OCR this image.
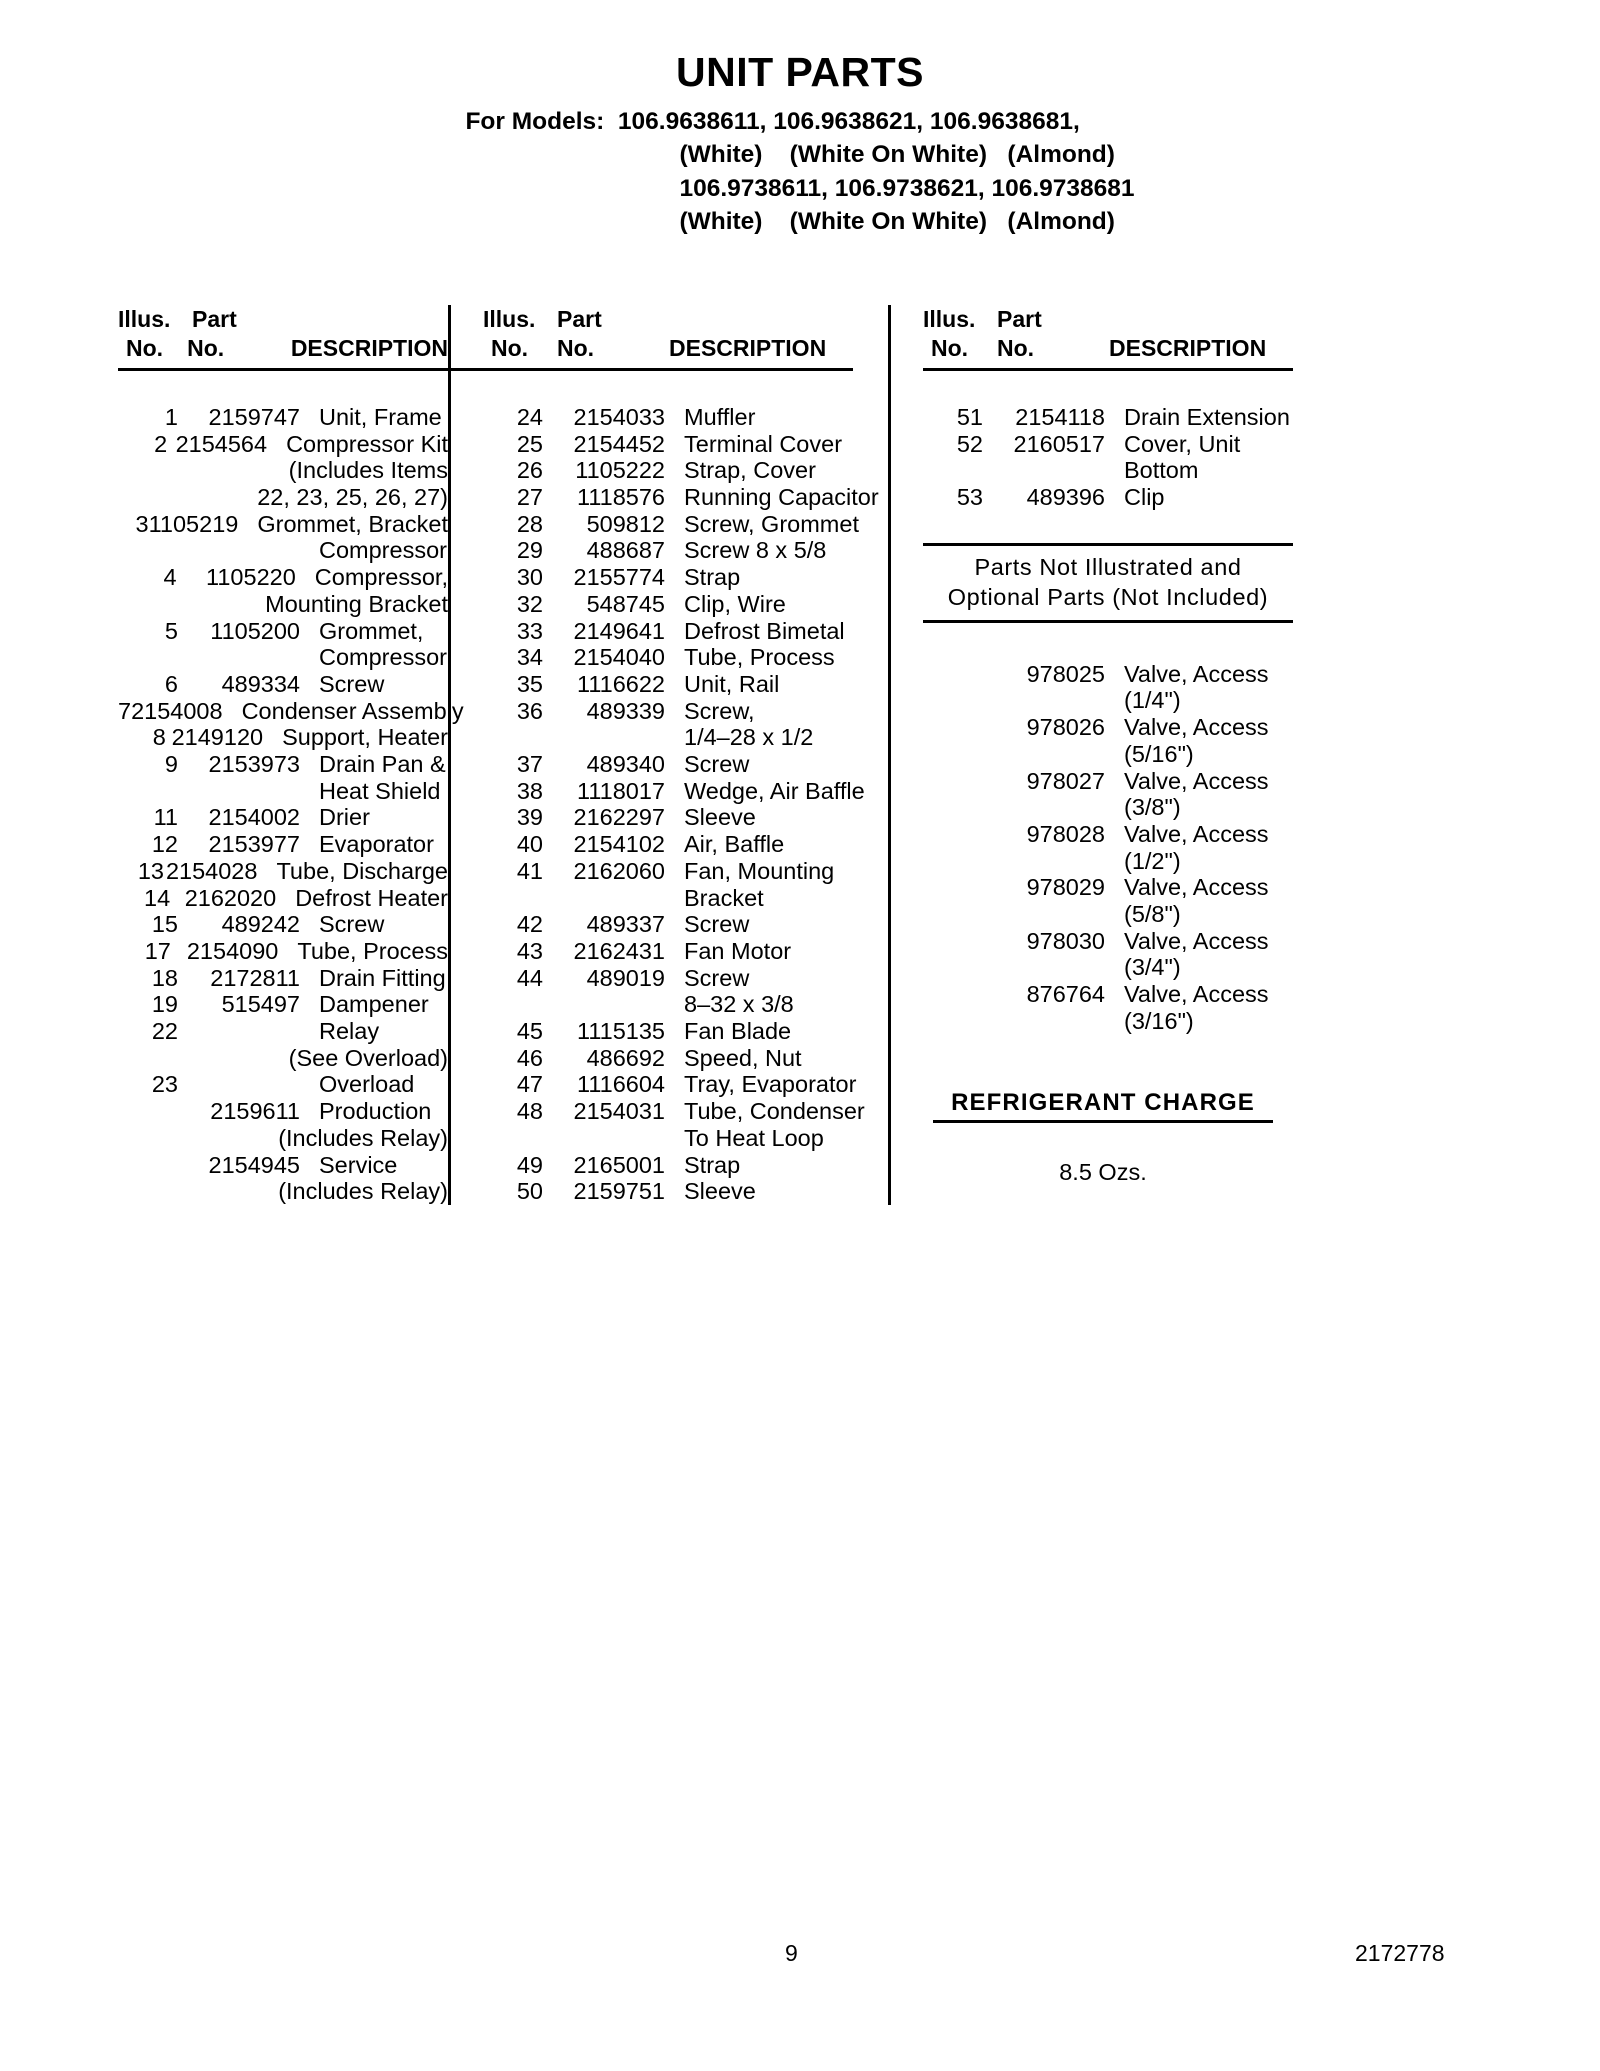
UNIT PARTS
For Models:  106.9638611, 106.9638621, 106.9638681,
(White)    (White On White)   (Almond)
106.9738611, 106.9738621, 106.9738681
(White)    (White On White)   (Almond)
Illus. Part

No.	No.	DESCRIPTION
1	2159747 Unit, Frame
2 2154564 Compressor Kit

(Includes Items

22, 23, 25, 26, 27)
3 1105219 Grommet, Bracket

Compressor
4	1105220 Compressor,

Mounting Bracket
5	1105200 Grommet,

Compressor
6	489334 Screw
7 2154008 Condenser Assembly
8 2149120 Support, Heater
9	2153973 Drain Pan &

Heat Shield
11	2154002 Drier
12	2153977 Evaporator
13 2154028 Tube, Discharge
14 2162020 Defrost Heater
15	489242 Screw
17 2154090 Tube, Process
18	2172811 Drain Fitting
19	515497 Dampener
22
	Relay

(See Overload)
23
	Overload

2159611 Production

(Includes Relay)

2154945 Service

(Includes Relay)
Illus. Part

No.	No.	DESCRIPTION
24	2154033 Muffler
25	2154452 Terminal Cover
26	1105222 Strap, Cover
27	1118576 Running Capacitor
28	509812 Screw, Grommet
29	488687 Screw 8 x 5/8
30	2155774 Strap
32	548745 Clip, Wire
33	2149641 Defrost Bimetal
34	2154040 Tube, Process
35	1116622 Unit, Rail
36	489339 Screw,

1/4–28 x 1/2
37	489340 Screw
38	1118017 Wedge, Air Baffle
39	2162297 Sleeve
40	2154102 Air, Baffle
41	2162060 Fan, Mounting

Bracket
42	489337 Screw
43	2162431 Fan Motor
44	489019 Screw

8–32 x 3/8
45	1115135 Fan Blade
46	486692 Speed, Nut
47	1116604 Tray, Evaporator
48	2154031 Tube, Condenser

To Heat Loop
49	2165001 Strap
50	2159751 Sleeve
Illus. Part

No.	No.	DESCRIPTION
51	2154118 Drain Extension
52	2160517 Cover, Unit

Bottom
53	489396 Clip
Parts Not Illustrated and
Optional Parts (Not Included)

978025 Valve, Access

(1/4")

978026 Valve, Access

(5/16")

978027 Valve, Access

(3/8")

978028 Valve, Access

(1/2")

978029 Valve, Access

(5/8")

978030 Valve, Access

(3/4")

876764 Valve, Access

(3/16")
REFRIGERANT CHARGE
8.5 Ozs.
9	2172778
